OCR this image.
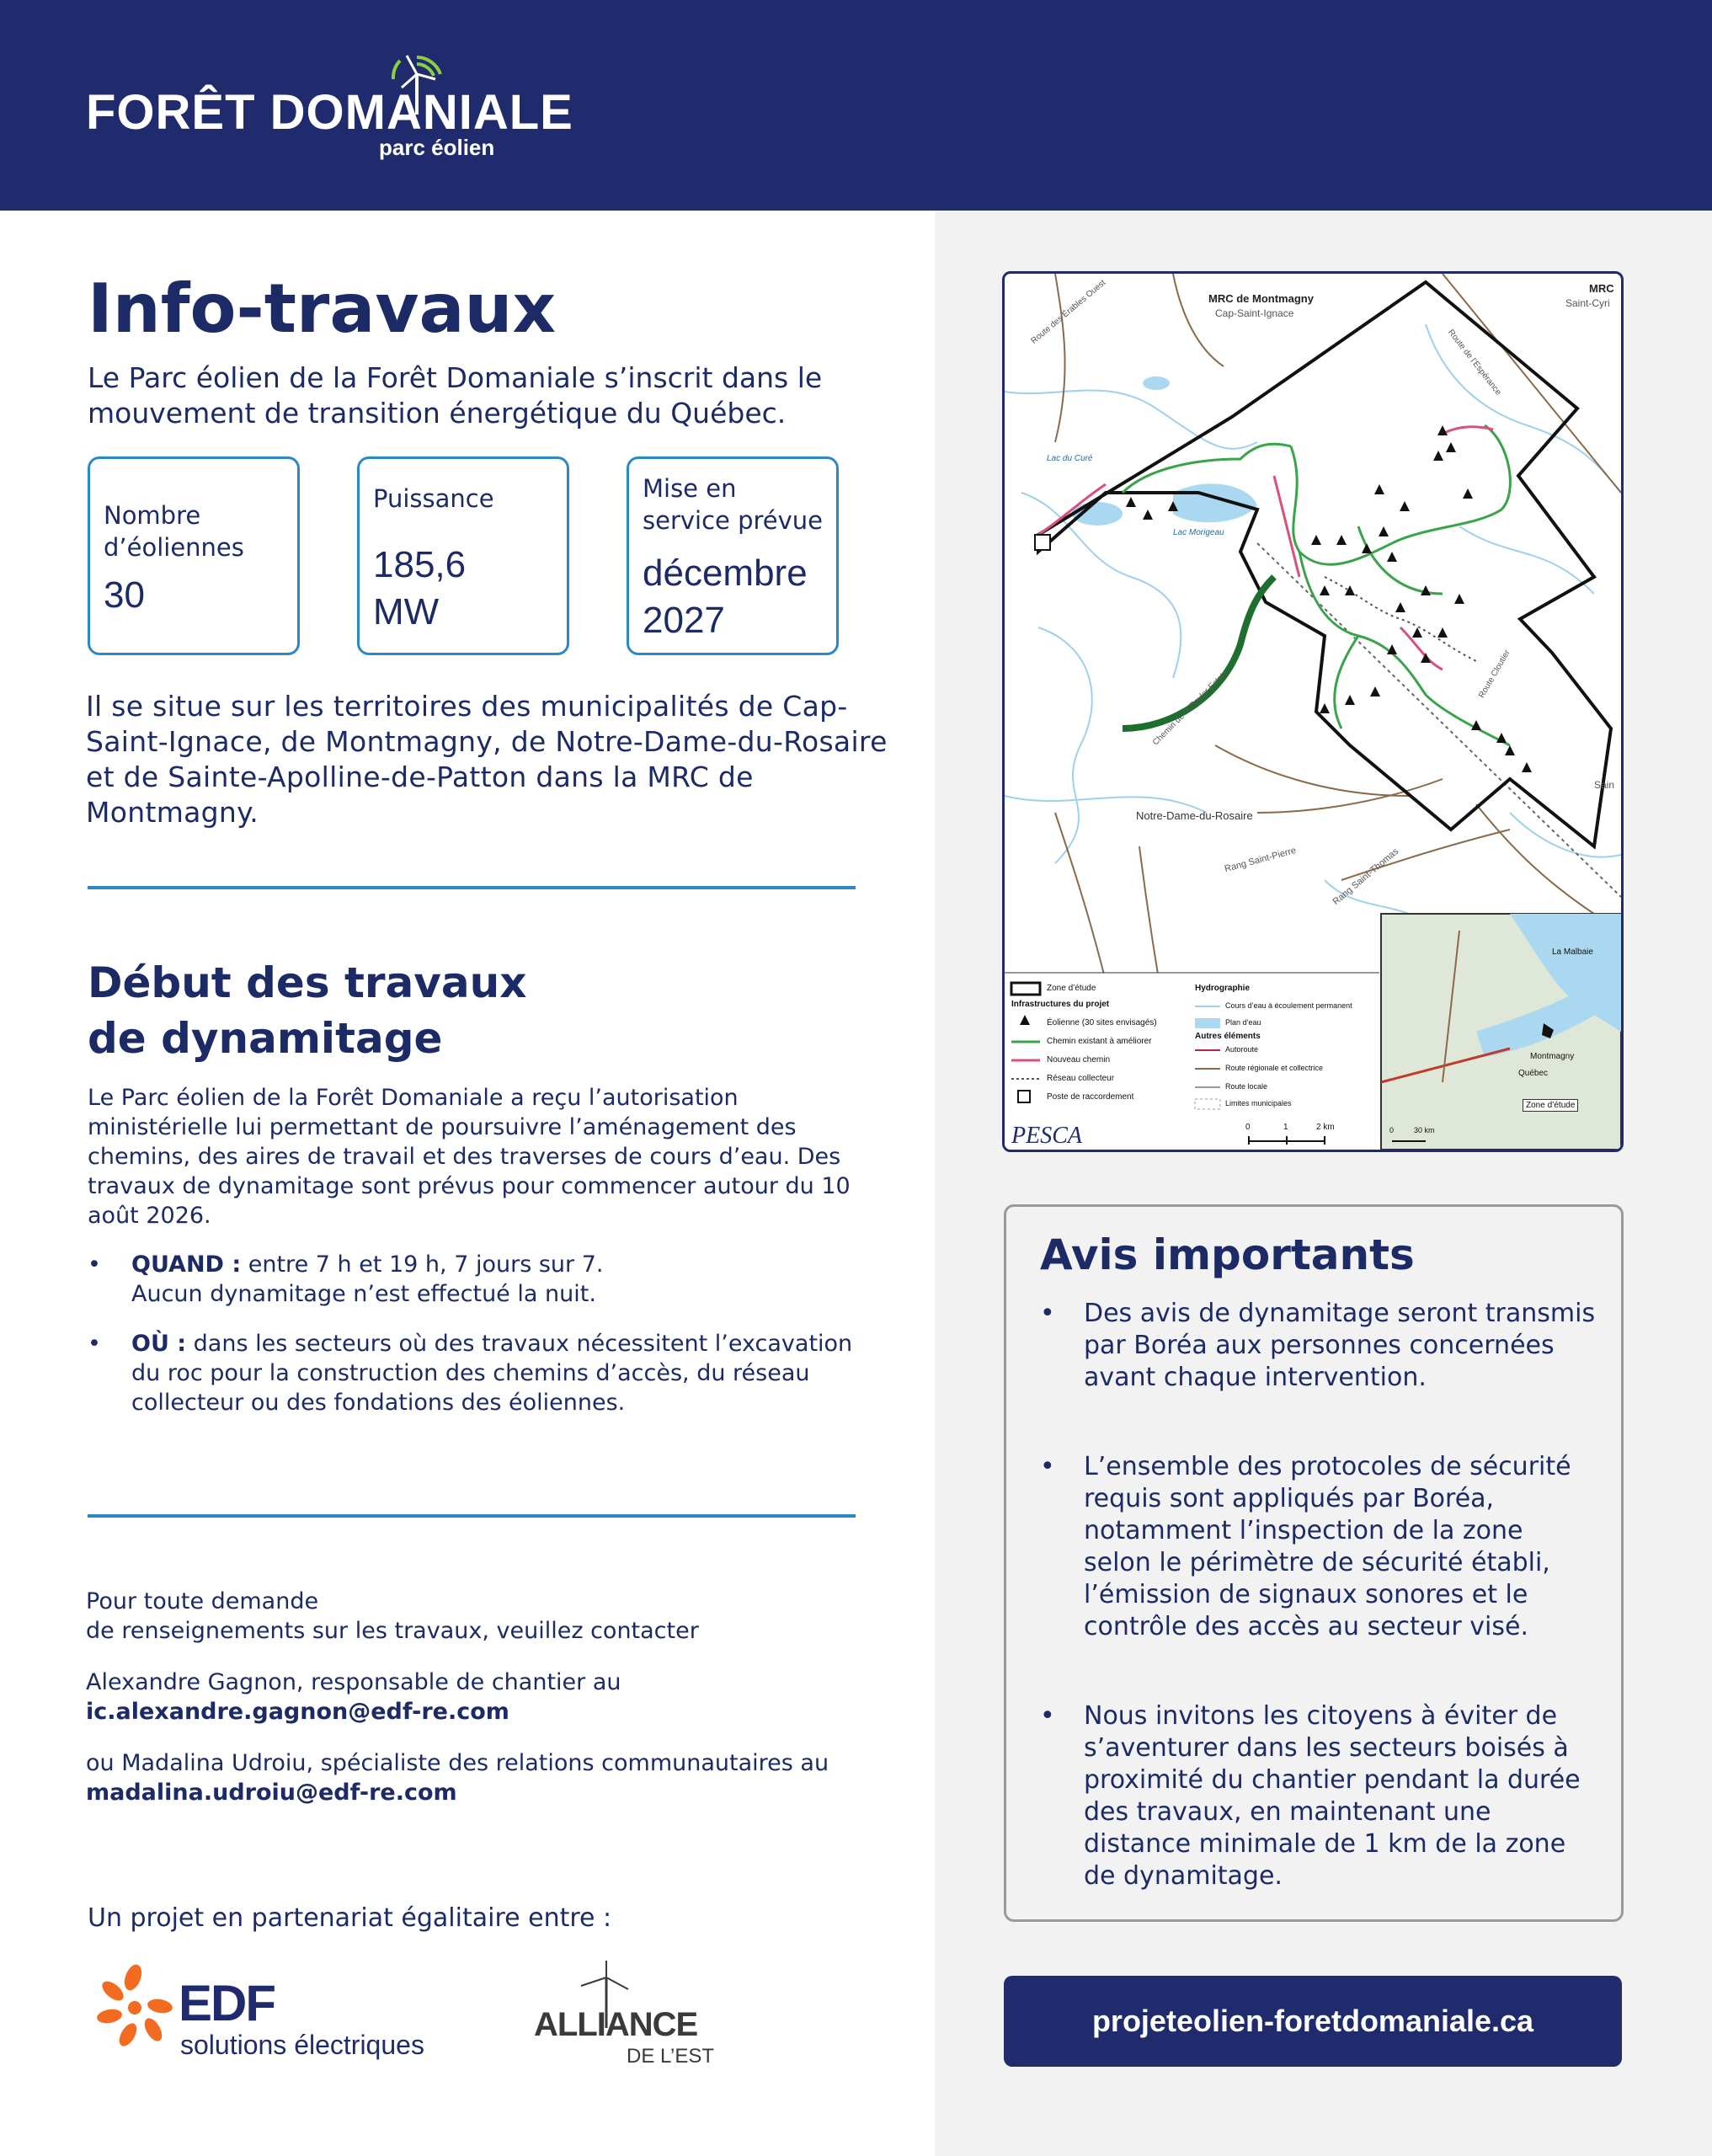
FORÊT DOMANIALE
parc éolien
Info-travaux

Le Parc éolien de la Forêt Domaniale s’inscrit dans le mouvement de transition énergétique du Québec.

Nombre
d’éoliennes
30
Puissance
185,6
MW
Mise en
service prévue
décembre
2027

Il se situe sur les territoires des municipalités de Cap-Saint-Ignace, de Montmagny, de Notre-Dame-du-Rosaire et de Sainte-Apolline-de-Patton dans la MRC de Montmagny.

Début des travaux
de dynamitage

Le Parc éolien de la Forêt Domaniale a reçu l’autorisation ministérielle lui permettant de poursuivre l’aménagement des chemins, des aires de travail et des traverses de cours d’eau. Des travaux de dynamitage sont prévus pour commencer autour du 10 août 2026.

• QUAND : entre 7 h et 19 h, 7 jours sur 7.
Aucun dynamitage n’est effectué la nuit.
• OÙ : dans les secteurs où des travaux nécessitent l’excavation du roc pour la construction des chemins d’accès, du réseau collecteur ou des fondations des éoliennes.

Pour toute demande
de renseignements sur les travaux, veuillez contacter

Alexandre Gagnon, responsable de chantier au
ic.alexandre.gagnon@edf-re.com

ou Madalina Udroiu, spécialiste des relations communautaires au
madalina.udroiu@edf-re.com

Un projet en partenariat égalitaire entre :
EDF
solutions électriques
ALLIANCE
DE L’EST
MRC de Montmagny
Cap-Saint-Ignace
MRC
Saint-Cyri
Notre-Dame-du-Rosaire
Lac Morigeau
Lac du Curé
Route des Érables Ouest
Rang Saint-Pierre	Rang Saint-Thomas
Route Cloutier
Chemin de la Raylor Estate
Route de l’Espérance
Sain
PESCA
Zone d’étude
Infrastructures du projet
Éolienne (30 sites envisagés)
Chemin existant à améliorer
Nouveau chemin
Réseau collecteur
Poste de raccordement
Hydrographie
Cours d’eau à écoulement permanent
Plan d’eau
Autres éléments
Autoroute
Route régionale et collectrice
Route locale
Limites municipales
0	1	2 km
La Malbaie
Québec
Montmagny
Zone d’étude
0	30 km
Avis importants
• Des avis de dynamitage seront transmis par Boréa aux personnes concernées avant chaque intervention.
• L’ensemble des protocoles de sécurité requis sont appliqués par Boréa, notamment l’inspection de la zone selon le périmètre de sécurité établi, l’émission de signaux sonores et le contrôle des accès au secteur visé.
• Nous invitons les citoyens à éviter de s’aventurer dans les secteurs boisés à proximité du chantier pendant la durée des travaux, en maintenant une distance minimale de 1 km de la zone de dynamitage.
projeteolien-foretdomaniale.ca
